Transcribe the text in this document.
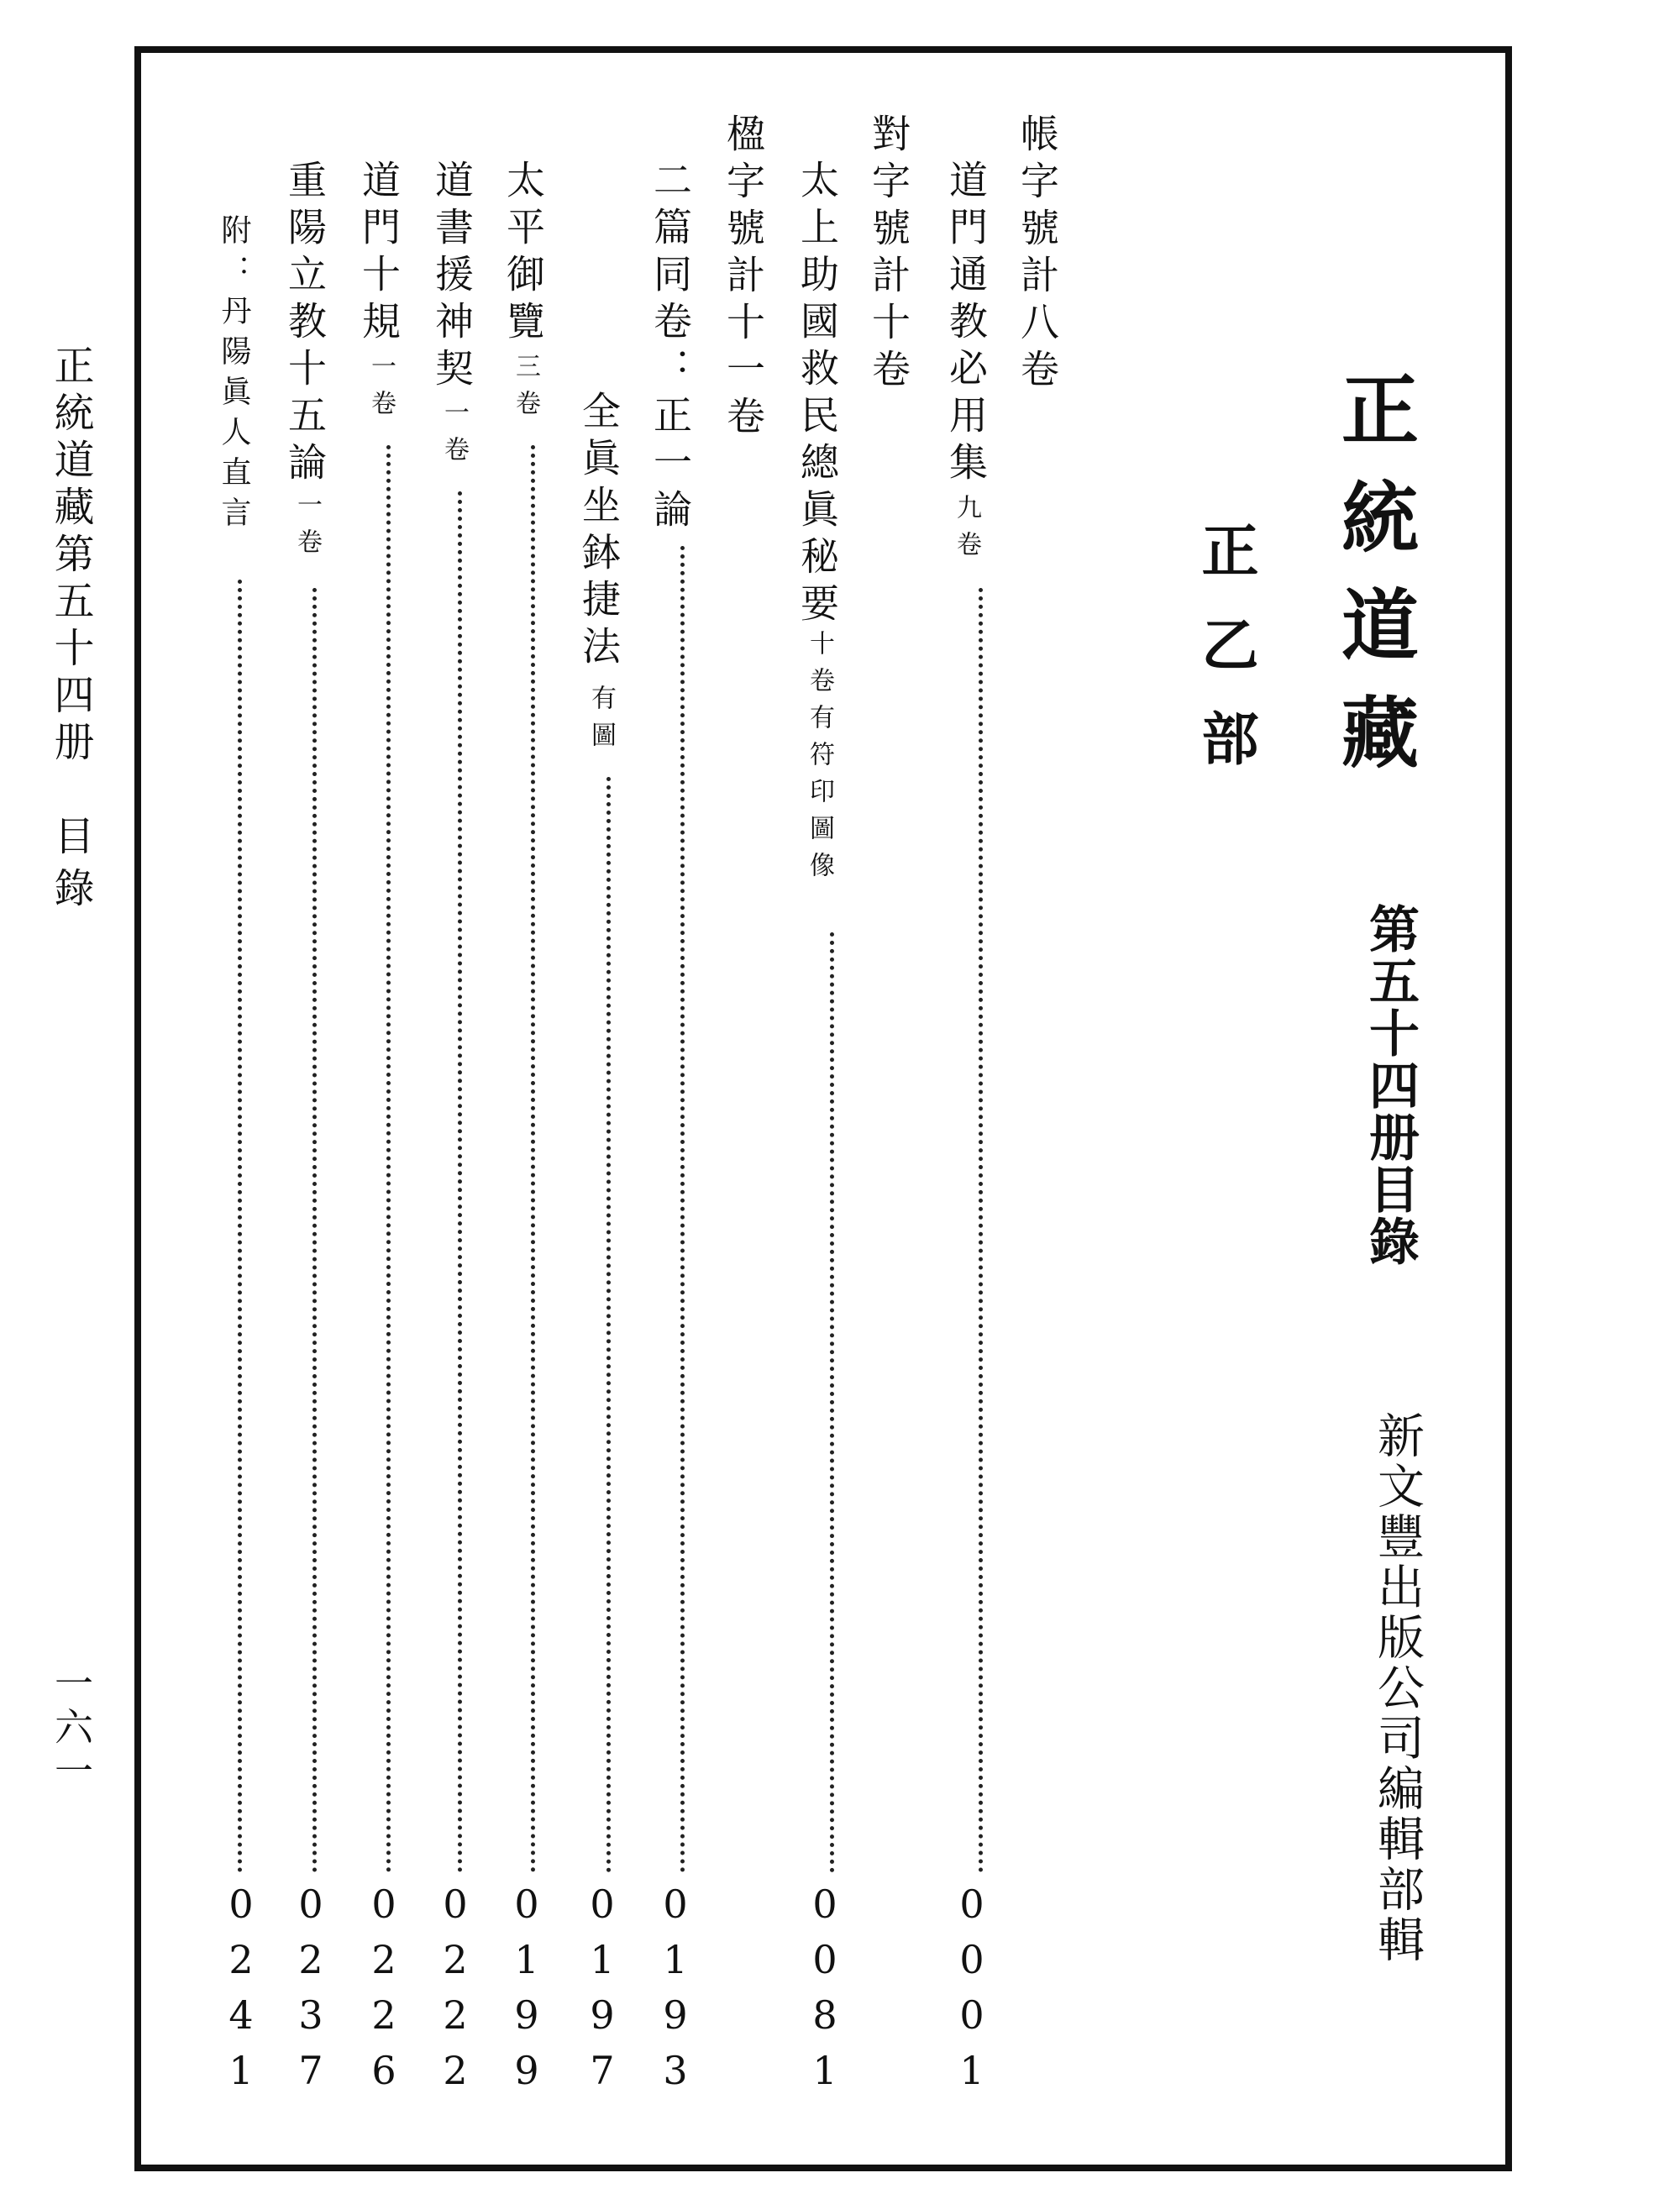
正統道藏
正乙部
第五十四册目錄
新文豐出版公司編輯部輯
帳字號計八卷
道門通教必用集
九卷
0001
對字號計十卷
太上助國救民總眞秘要
十卷有符印圖像
0081
楹字號計十一卷
二篇同卷：正一論
0193
全眞坐鉢捷法
有圖
0197
太平御覽
三卷
0199
道書援神契
一卷
0222
道門十規
一卷
0226
重陽立教十五論
一卷
0237
附：丹陽眞人直言
0241
正統道藏第五十四册
目錄
一六一
